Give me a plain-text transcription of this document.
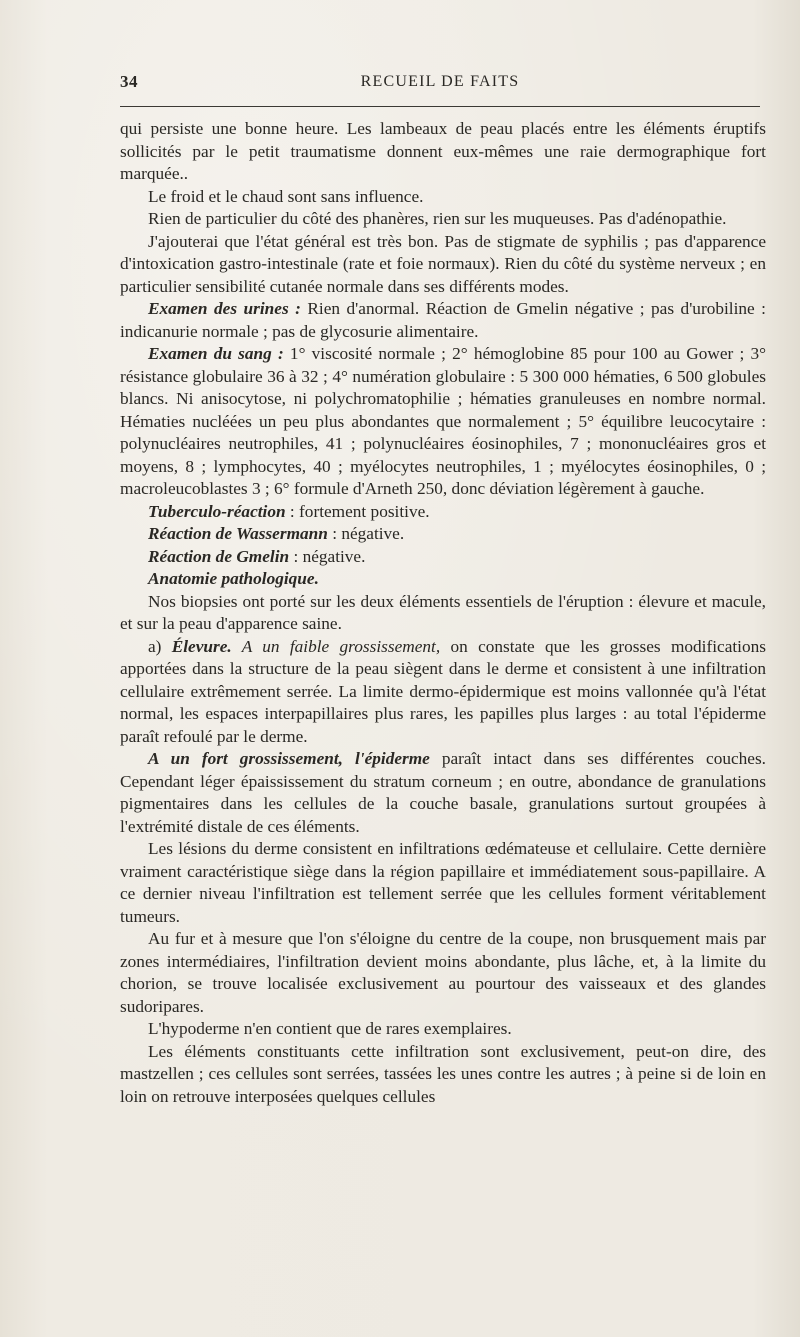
34	RECUEIL DE FAITS

qui persiste une bonne heure. Les lambeaux de peau placés entre les éléments éruptifs sollicités par le petit traumatisme donnent eux-mêmes une raie dermographique fort marquée..

Le froid et le chaud sont sans influence.

Rien de particulier du côté des phanères, rien sur les muqueuses. Pas d'adénopathie.

J'ajouterai que l'état général est très bon. Pas de stigmate de syphilis ; pas d'apparence d'intoxication gastro-intestinale (rate et foie normaux). Rien du côté du système nerveux ; en particulier sensibilité cutanée normale dans ses différents modes.

Examen des urines : Rien d'anormal. Réaction de Gmelin négative ; pas d'urobiline : indicanurie normale ; pas de glycosurie alimentaire.

Examen du sang : 1° viscosité normale ; 2° hémoglobine 85 pour 100 au Gower ; 3° résistance globulaire 36 à 32 ; 4° numération globulaire : 5 300 000 hématies, 6 500 globules blancs. Ni anisocytose, ni polychromatophilie ; hématies granuleuses en nombre normal. Hématies nucléées un peu plus abondantes que normalement ; 5° équilibre leucocytaire : polynucléaires neutrophiles, 41 ; polynucléaires éosinophiles, 7 ; mononucléaires gros et moyens, 8 ; lymphocytes, 40 ; myélocytes neutrophiles, 1 ; myélocytes éosinophiles, 0 ; macroleucoblastes 3 ; 6° formule d'Arneth 250, donc déviation légèrement à gauche.

Tuberculo-réaction : fortement positive.

Réaction de Wassermann : négative.

Réaction de Gmelin : négative.

Anatomie pathologique.

Nos biopsies ont porté sur les deux éléments essentiels de l'éruption : élevure et macule, et sur la peau d'apparence saine.

a) Élevure. A un faible grossissement, on constate que les grosses modifications apportées dans la structure de la peau siègent dans le derme et consistent à une infiltration cellulaire extrêmement serrée. La limite dermo-épidermique est moins vallonnée qu'à l'état normal, les espaces interpapillaires plus rares, les papilles plus larges : au total l'épiderme paraît refoulé par le derme.

A un fort grossissement, l'épiderme paraît intact dans ses différentes couches. Cependant léger épaississement du stratum corneum ; en outre, abondance de granulations pigmentaires dans les cellules de la couche basale, granulations surtout groupées à l'extrémité distale de ces éléments.

Les lésions du derme consistent en infiltrations œdémateuse et cellulaire. Cette dernière vraiment caractéristique siège dans la région papillaire et immédiatement sous-papillaire. A ce dernier niveau l'infiltration est tellement serrée que les cellules forment véritablement tumeurs.

Au fur et à mesure que l'on s'éloigne du centre de la coupe, non brusquement mais par zones intermédiaires, l'infiltration devient moins abondante, plus lâche, et, à la limite du chorion, se trouve localisée exclusivement au pourtour des vaisseaux et des glandes sudoripares.

L'hypoderme n'en contient que de rares exemplaires.

Les éléments constituants cette infiltration sont exclusivement, peut-on dire, des mastzellen ; ces cellules sont serrées, tassées les unes contre les autres ; à peine si de loin en loin on retrouve interposées quelques cellules
